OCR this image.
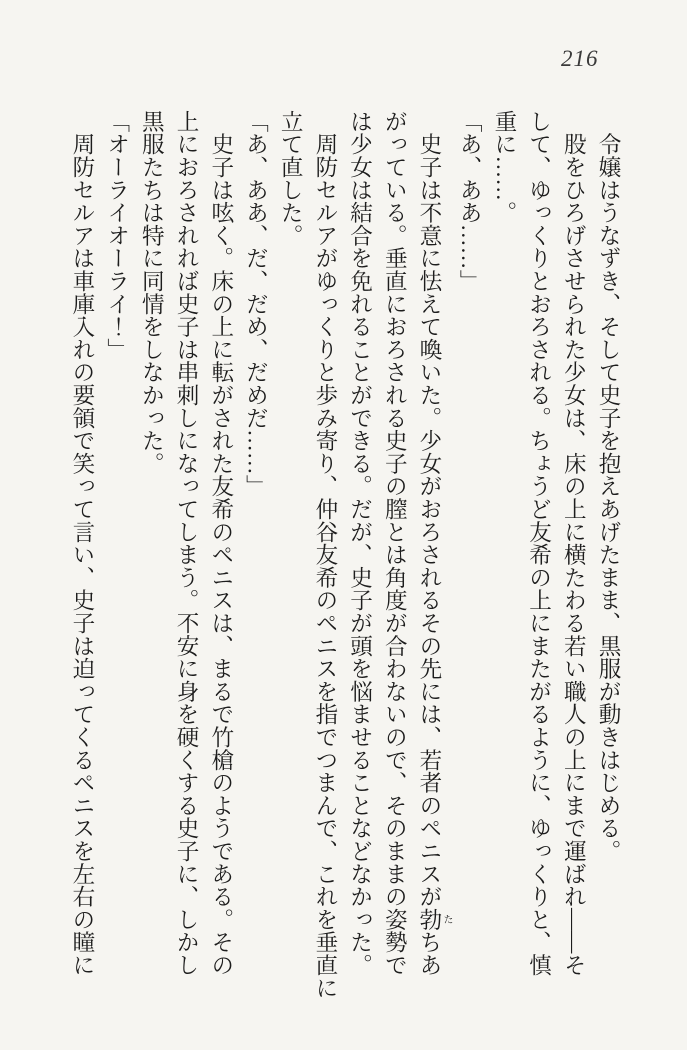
216
　令嬢はうなずき、そして史子を抱えあげたまま、黒服が動きはじめる。
　股をひろげさせられた少女は、床の上に横たわる若い職人の上にまで運ばれ――そ
して、ゆっくりとおろされる。ちょうど友希の上にまたがるように、ゆっくりと、慎
重に……。
「あ、ああ……」
　史子は不意に怯えて喚いた。少女がおろされるその先には、若者のペニスが勃 たちあ
がっている。垂直におろされる史子の膣とは角度が合わないので、そのままの姿勢で
は少女は結合を免れることができる。だが、史子が頭を悩ませることなどなかった。
　周防セルアがゆっくりと歩み寄り、仲谷友希のペニスを指でつまんで、これを垂直に
立て直した。
「あ、ああ、だ、だめ、だめだ……」
　史子は呟く。床の上に転がされた友希のペニスは、まるで竹槍のようである。その
上におろされれば史子は串刺しになってしまう。不安に身を硬くする史子に、しかし
黒服たちは特に同情をしなかった。
「オーライオーライ！」
　周防セルアは車庫入れの要領で笑って言い、史子は迫ってくるペニスを左右の瞳に
